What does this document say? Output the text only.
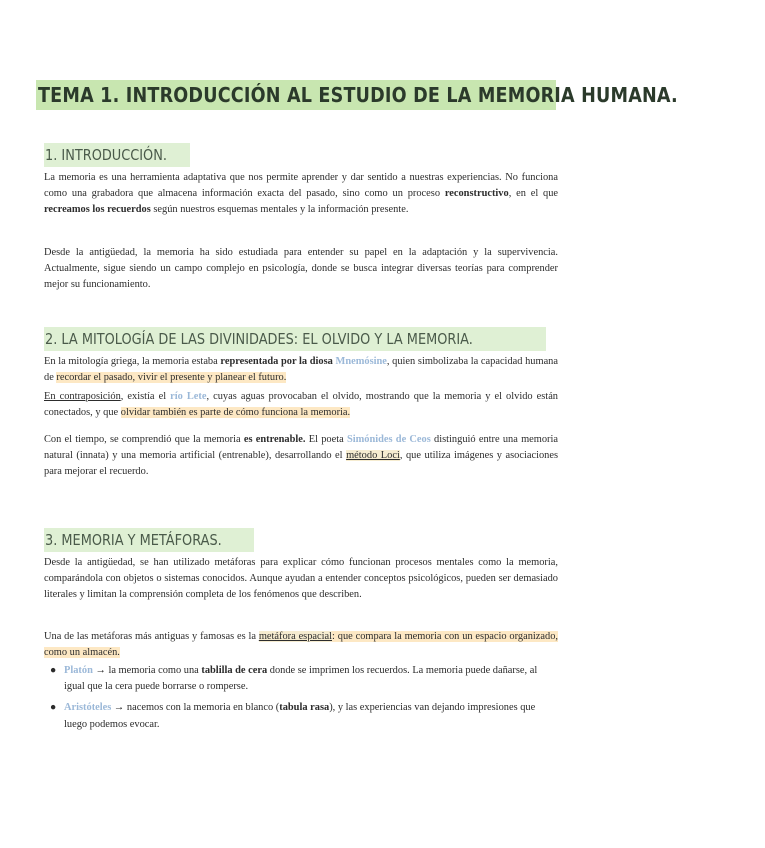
TEMA 1. INTRODUCCIÓN AL ESTUDIO DE LA MEMORIA HUMANA.
1. INTRODUCCIÓN.

La memoria es una herramienta adaptativa que nos permite aprender y dar sentido a nuestras experiencias. No funciona como una grabadora que almacena información exacta del pasado, sino como un proceso reconstructivo, en el que recreamos los recuerdos según nuestros esquemas mentales y la información presente.

Desde la antigüedad, la memoria ha sido estudiada para entender su papel en la adaptación y la supervivencia. Actualmente, sigue siendo un campo complejo en psicología, donde se busca integrar diversas teorías para comprender mejor su funcionamiento.

2. LA MITOLOGÍA DE LAS DIVINIDADES: EL OLVIDO Y LA MEMORIA.

En la mitología griega, la memoria estaba representada por la diosa Mnemósine, quien simbolizaba la capacidad humana de recordar el pasado, vivir el presente y planear el futuro.

En contraposición, existía el río Lete, cuyas aguas provocaban el olvido, mostrando que la memoria y el olvido están conectados, y que olvidar también es parte de cómo funciona la memoria.

Con el tiempo, se comprendió que la memoria es entrenable. El poeta Simónides de Ceos distinguió entre una memoria natural (innata) y una memoria artificial (entrenable), desarrollando el método Loci, que utiliza imágenes y asociaciones para mejorar el recuerdo.

3. MEMORIA Y METÁFORAS.

Desde la antigüedad, se han utilizado metáforas para explicar cómo funcionan procesos mentales como la memoria, comparándola con objetos o sistemas conocidos. Aunque ayudan a entender conceptos psicológicos, pueden ser demasiado literales y limitan la comprensión completa de los fenómenos que describen.

Una de las metáforas más antiguas y famosas es la metáfora espacial: que compara la memoria con un espacio organizado, como un almacén.

● Platón → la memoria como una tablilla de cera donde se imprimen los recuerdos. La memoria puede dañarse, al igual que la cera puede borrarse o romperse.
● Aristóteles → nacemos con la memoria en blanco (tabula rasa), y las experiencias van dejando impresiones que luego podemos evocar.
